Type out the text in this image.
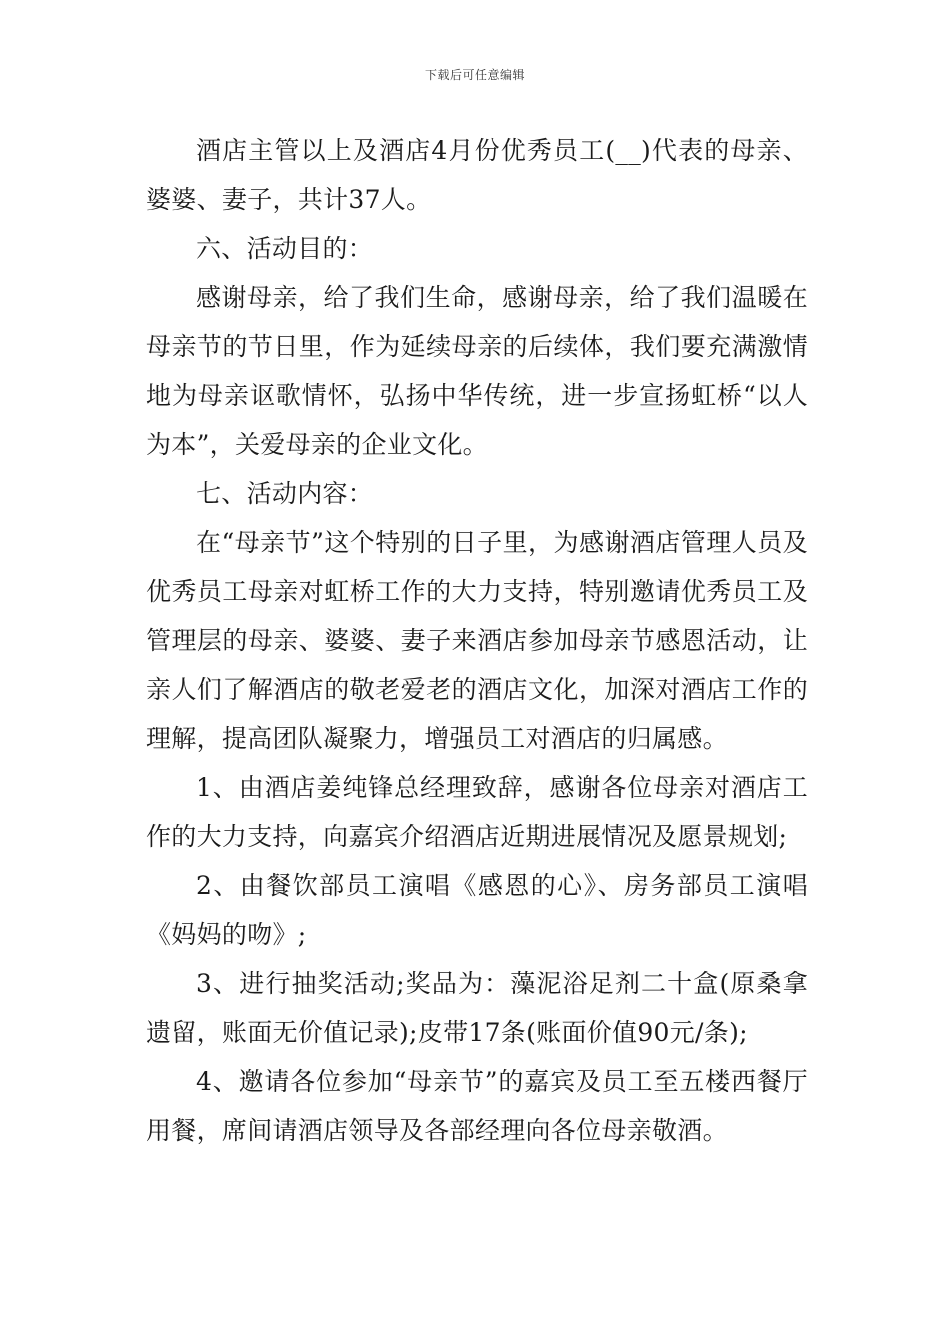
下载后可任意编辑

酒店主管以上及酒店4月份优秀员工(__)代表的母亲、婆婆、妻子，共计37人。

六、活动目的：

感谢母亲，给了我们生命，感谢母亲，给了我们温暖在母亲节的节日里，作为延续母亲的后续体，我们要充满激情地为母亲讴歌情怀，弘扬中华传统，进一步宣扬虹桥“以人为本”，关爱母亲的企业文化。

七、活动内容：

在“母亲节”这个特别的日子里，为感谢酒店管理人员及优秀员工母亲对虹桥工作的大力支持，特别邀请优秀员工及管理层的母亲、婆婆、妻子来酒店参加母亲节感恩活动，让亲人们了解酒店的敬老爱老的酒店文化，加深对酒店工作的理解，提高团队凝聚力，增强员工对酒店的归属感。

1、由酒店姜纯锋总经理致辞，感谢各位母亲对酒店工作的大力支持，向嘉宾介绍酒店近期进展情况及愿景规划;

2、由餐饮部员工演唱《感恩的心》、房务部员工演唱《妈妈的吻》;

3、进行抽奖活动;奖品为：藻泥浴足剂二十盒(原桑拿遗留，账面无价值记录);皮带17条(账面价值90元/条);

4、邀请各位参加“母亲节”的嘉宾及员工至五楼西餐厅用餐，席间请酒店领导及各部经理向各位母亲敬酒。
